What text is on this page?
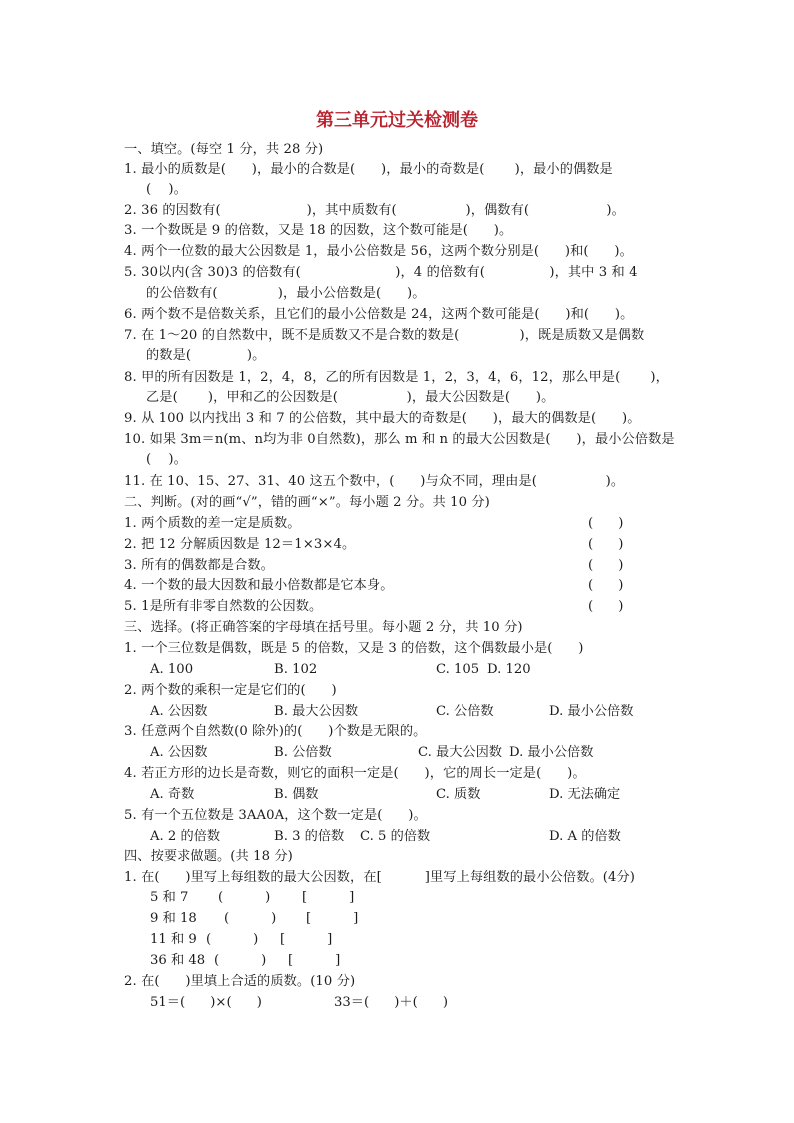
第三单元过关检测卷
一、填空。(每空 1 分，共 28 分)
1. 最小的质数是(      )，最小的合数是(      )，最小的奇数是(       )，最小的偶数是
(    )。
2. 36 的因数有(                    )，其中质数有(                )，偶数有(                  )。
3. 一个数既是 9 的倍数，又是 18 的因数，这个数可能是(      )。
4. 两个一位数的最大公因数是 1，最小公倍数是 56，这两个数分别是(      )和(      )。
5. 30以内(含 30)3 的倍数有(                      )，4 的倍数有(               )，其中 3 和 4
的公倍数有(              )，最小公倍数是(      )。
6. 两个数不是倍数关系，且它们的最小公倍数是 24，这两个数可能是(      )和(      )。
7. 在 1～20 的自然数中，既不是质数又不是合数的数是(              )，既是质数又是偶数
的数是(             )。
8. 甲的所有因数是 1，2，4，8，乙的所有因数是 1，2，3，4，6，12，那么甲是(       )，
乙是(       )，甲和乙的公因数是(                )，最大公因数是(      )。
9. 从 100 以内找出 3 和 7 的公倍数，其中最大的奇数是(      )，最大的偶数是(      )。
10. 如果 3m＝n(m、n均为非 0自然数)，那么 m 和 n 的最大公因数是(      )，最小公倍数是
(    )。
11. 在 10、15、27、31、40 这五个数中，(      )与众不同，理由是(                )。
二、判断。(对的画“√”，错的画“×”。每小题 2 分。共 10 分)
1. 两个质数的差一定是质数。	(      )
2. 把 12 分解质因数是 12＝1×3×4。	(      )
3. 所有的偶数都是合数。	(      )
4. 一个数的最大因数和最小倍数都是它本身。	(      )
5. 1是所有非零自然数的公因数。	(      )
三、选择。(将正确答案的字母填在括号里。每小题 2 分，共 10 分)
1. 一个三位数是偶数，既是 5 的倍数，又是 3 的倍数，这个偶数最小是(      )
A. 100	B. 102	C. 105 D. 120
2. 两个数的乘积一定是它们的(      )
A. 公因数	B. 最大公因数	C. 公倍数	D. 最小公倍数
3. 任意两个自然数(0 除外)的(      )个数是无限的。
A. 公因数	B. 公倍数	C. 最大公因数 D. 最小公倍数
4. 若正方形的边长是奇数，则它的面积一定是(      )，它的周长一定是(      )。
A. 奇数	B. 偶数	C. 质数	D. 无法确定
5. 有一个五位数是 3AA0A，这个数一定是(      )。
A. 2 的倍数	B. 3 的倍数 C. 5 的倍数	D. A 的倍数
四、按要求做题。(共 18 分)
1. 在(      )里写上每组数的最大公因数，在[          ]里写上每组数的最小公倍数。(4分)
5 和 7 (          ) [          ]
9 和 18 (          ) [          ]
11 和 9 (          ) [          ]
36 和 48 (          ) [          ]
2. 在(      )里填上合适的质数。(10 分)
51＝(      )×(      )	33＝(      )＋(      )
